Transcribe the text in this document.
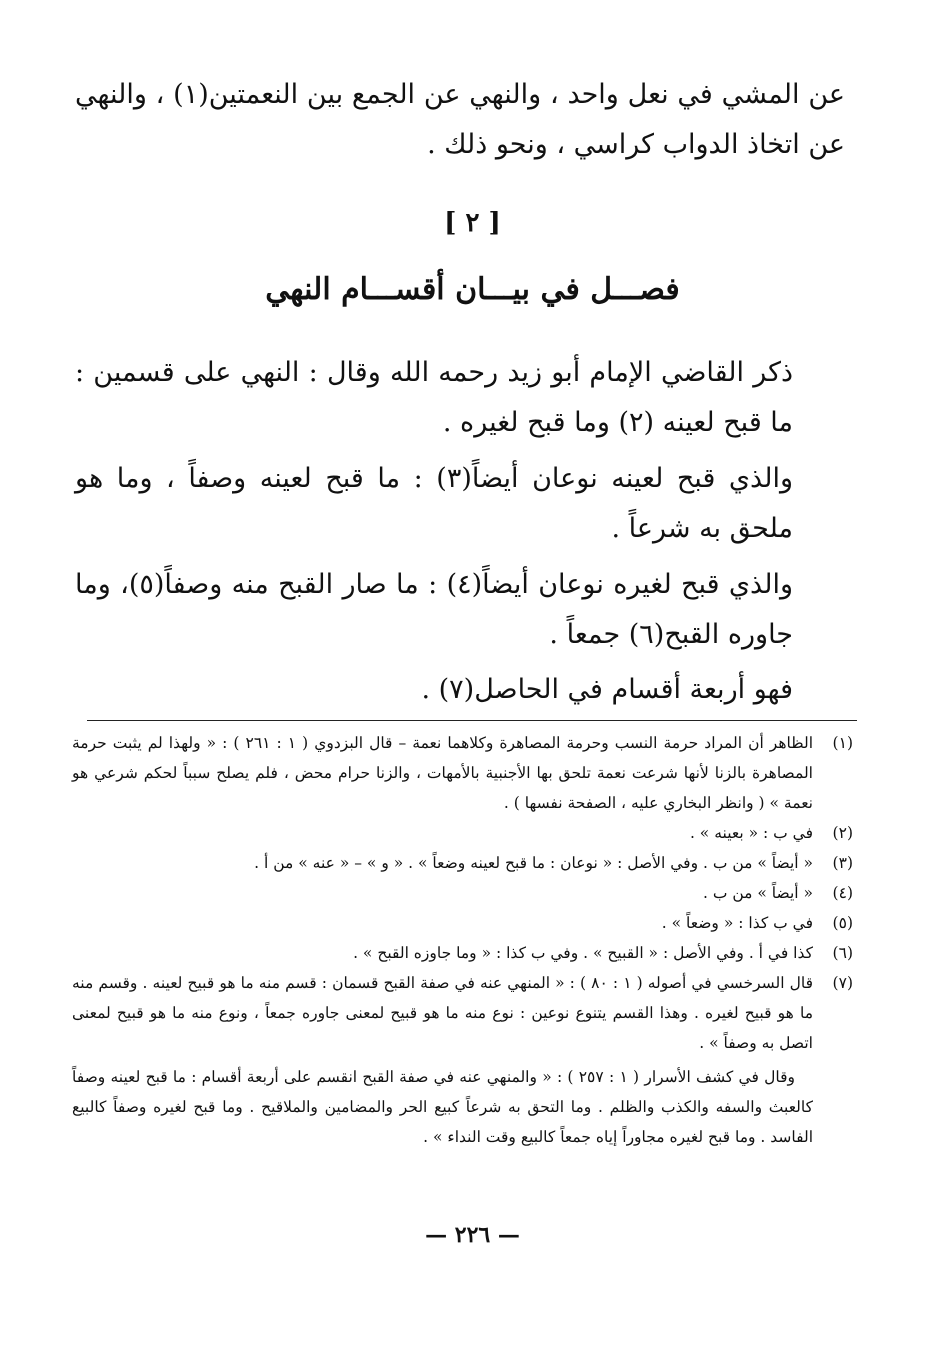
عن المشي في نعل واحد ، والنهي عن الجمع بين النعمتين(١) ، والنهي عن اتخاذ الدواب كراسي ، ونحو ذلك .

[ ٢ ]
فصـــل في بيـــان أقســـام النهي

ذكر القاضي الإمام أبو زيد رحمه الله وقال : النهي على قسمين : ما قبح لعينه (٢) وما قبح لغيره .

والذي قبح لعينه نوعان أيضاً(٣) : ما قبح لعينه وصفاً ، وما هو ملحق به شرعاً .

والذي قبح لغيره نوعان أيضاً(٤) : ما صار القبح منه وصفاً(٥)، وما جاوره القبح(٦) جمعاً .

فهو أربعة أقسام في الحاصل(٧) .

(١)
الظاهر أن المراد حرمة النسب وحرمة المصاهرة وكلاهما نعمة – قال البزدوي ( ١ : ٢٦١ ) : « ولهذا لم يثبت حرمة المصاهرة بالزنا لأنها شرعت نعمة تلحق بها الأجنبية بالأمهات ، والزنا حرام محض ، فلم يصلح سبباً لحكم شرعي هو نعمة » ( وانظر البخاري عليه ، الصفحة نفسها ) .
(٢)
في ب : « بعينه » .
(٣)
« أيضاً » من ب . وفي الأصل : « نوعان : ما قبح لعينه وضعاً » . « و » – « عنه » من أ .
(٤)
« أيضاً » من ب .
(٥)
في ب كذا : « وضعاً » .
(٦)
كذا في أ . وفي الأصل : « القبيح » . وفي ب كذا : « وما جاوزه القبح » .
(٧)
قال السرخسي في أصوله ( ١ : ٨٠ ) : « المنهي عنه في صفة القبح قسمان : قسم منه ما هو قبيح لعينه . وقسم منه ما هو قبيح لغيره . وهذا القسم يتنوع نوعين : نوع منه ما هو قبيح لمعنى جاوره جمعاً ، ونوع منه ما هو قبيح لمعنى اتصل به وصفاً » .
وقال في كشف الأسرار ( ١ : ٢٥٧ ) : « والمنهي عنه في صفة القبح انقسم على أربعة أقسام : ما قبح لعينه وصفاً كالعبث والسفه والكذب والظلم . وما التحق به شرعاً كبيع الحر والمضامين والملاقيح . وما قبح لغيره وصفاً كالبيع الفاسد . وما قبح لغيره مجاوراً إياه جمعاً كالبيع وقت النداء » .
— ٢٢٦ —
